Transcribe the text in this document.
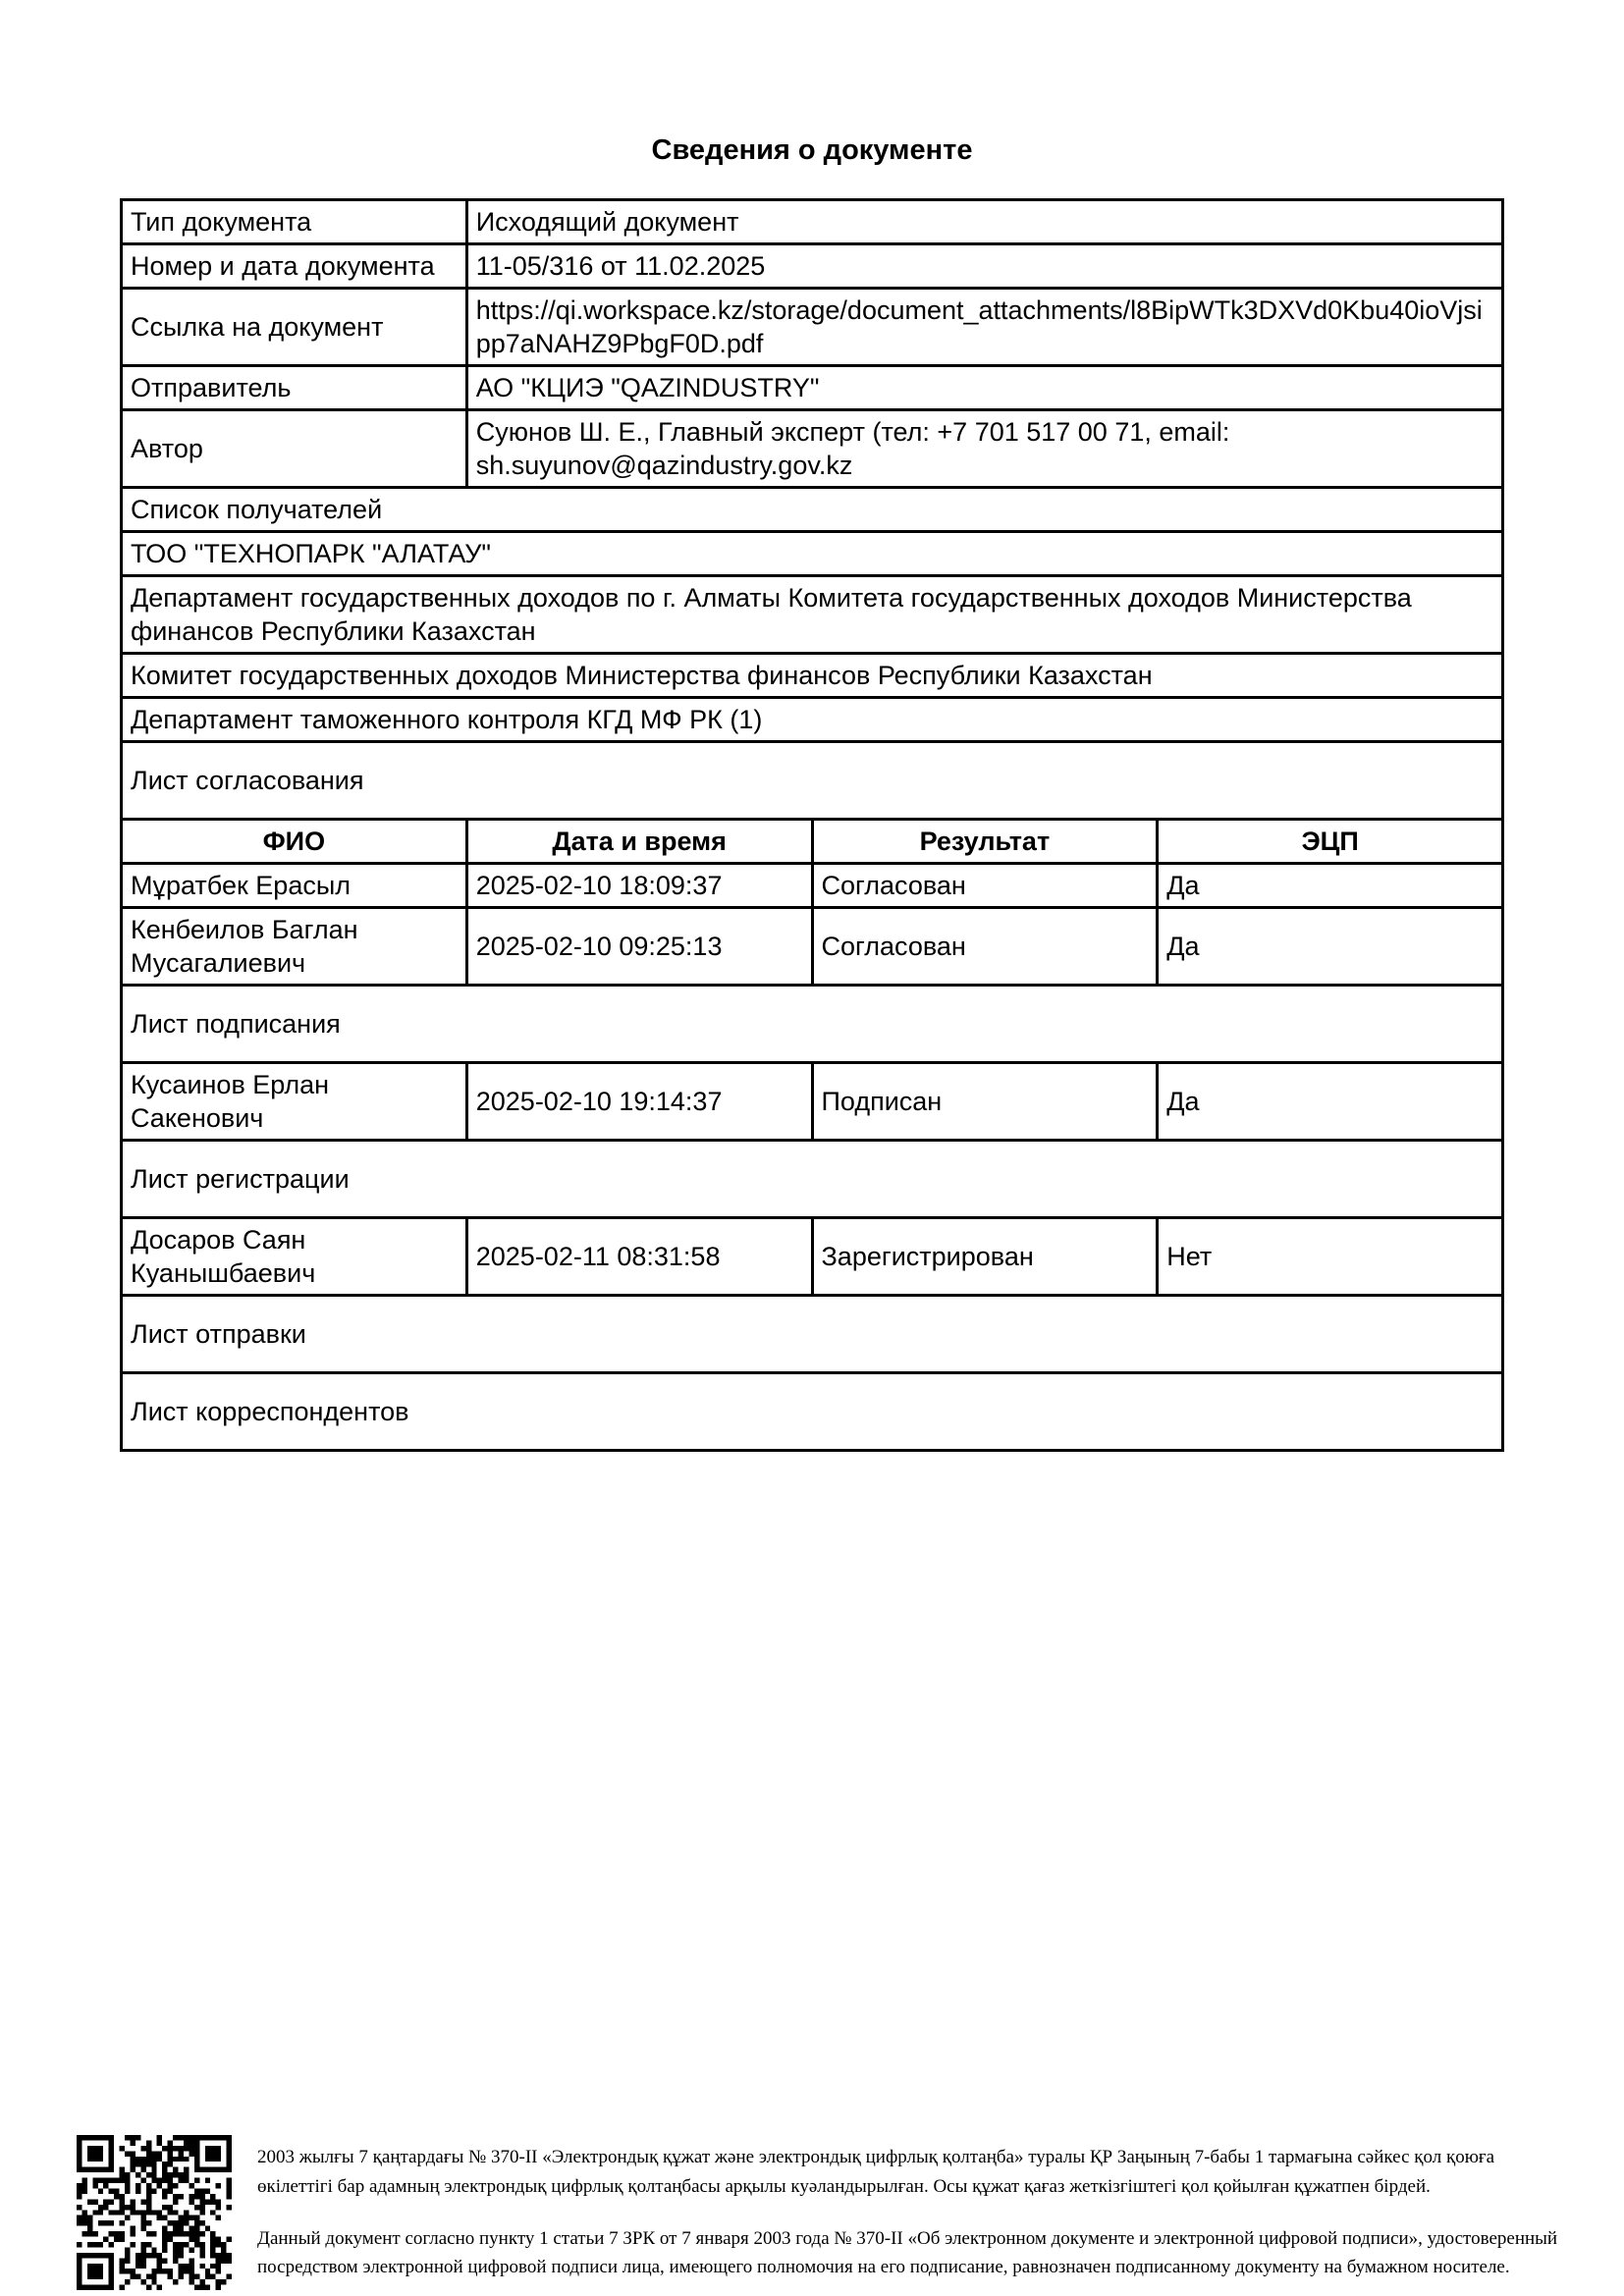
Сведения о документе
Тип документа	Исходящий документ		
Номер и дата документа	11-05/316 от 11.02.2025		
Ссылка на документ	https://qi.workspace.kz/storage/document_attachments/l8BipWTk3DXVd0Kbu40ioVjsipp7aNAHZ9PbgF0D.pdf		
Отправитель	АО "КЦИЭ "QAZINDUSTRY"		
Автор	Суюнов Ш. Е., Главный эксперт (тел: +7 701 517 00 71, email: sh.suyunov@qazindustry.gov.kz		
Список получателей			
ТОО "ТЕХНОПАРК "АЛАТАУ"			
Департамент государственных доходов по г. Алматы Комитета государственных доходов Министерства финансов Республики Казахстан			
Комитет государственных доходов Министерства финансов Республики Казахстан			
Департамент таможенного контроля КГД МФ РК (1)			
Лист согласования			
ФИО	Дата и время	Результат	ЭЦП
Мұратбек Ерасыл	2025-02-10 18:09:37	Согласован	Да
Кенбеилов Баглан Мусагалиевич	2025-02-10 09:25:13	Согласован	Да
Лист подписания			
Кусаинов Ерлан Сакенович	2025-02-10 19:14:37	Подписан	Да
Лист регистрации			
Досаров Саян Куанышбаевич	2025-02-11 08:31:58	Зарегистрирован	Нет
Лист отправки			
Лист корреспондентов			

2003 жылғы 7 қаңтардағы № 370-II «Электрондық құжат және электрондық цифрлық қолтаңба» туралы ҚР Заңының 7-бабы 1 тармағына сәйкес қол қоюға өкілеттігі бар адамның электрондық цифрлық қолтаңбасы арқылы куәландырылған. Осы құжат қағаз жеткізгіштегі қол қойылған құжатпен бірдей.

Данный документ согласно пункту 1 статьи 7 ЗРК от 7 января 2003 года № 370-II «Об электронном документе и электронной цифровой подписи», удостоверенный посредством электронной цифровой подписи лица, имеющего полномочия на его подписание, равнозначен подписанному документу на бумажном носителе.
